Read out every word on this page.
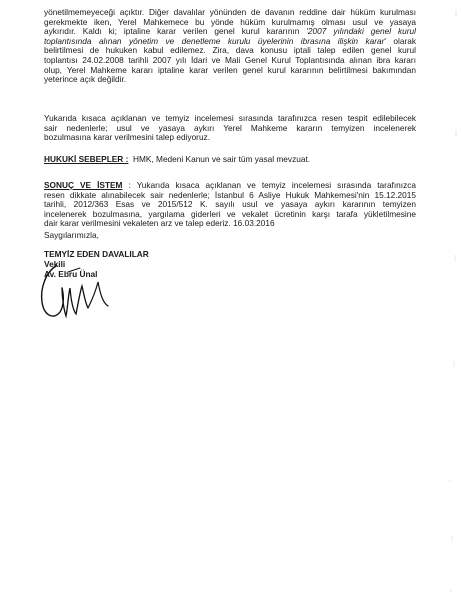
yönetilmemeyeceği açıktır. Diğer davalılar yönünden de davanın reddine dair hüküm kurulması
gerekmekte iken, Yerel Mahkemece bu yönde hüküm kurulmamış olması usul ve yasaya
aykırıdır. Kaldı ki; iptaline karar verilen genel kurul kararının '2007 yılındaki genel kurul
toplantısında alınan yönetim ve denetleme kurulu üyelerinin ibrasına ilişkin karar' olarak
belirtilmesi de hukuken kabul edilemez. Zira, dava konusu iptali talep edilen genel kurul
toplantısı 24.02.2008 tarihli 2007 yılı İdari ve Mali Genel Kurul Toplantısında alınan ibra kararı
olup, Yerel Mahkeme kararı iptaline karar verilen genel kurul kararının belirtilmesi bakımından
yeterince açık değildir.
Yukarıda kısaca açıklanan ve temyiz incelemesi sırasında tarafınızca resen tespit edilebilecek
sair nedenlerle; usul ve yasaya aykırı Yerel Mahkeme kararın temyizen incelenerek
bozulmasına karar verilmesini talep ediyoruz.
HUKUKİ SEBEPLER : HMK, Medeni Kanun ve sair tüm yasal mevzuat.
SONUÇ VE İSTEM : Yukarıda kısaca açıklanan ve temyiz incelemesi sırasında tarafınızca
resen dikkate alınabilecek sair nedenlerle; İstanbul 6 Asliye Hukuk Mahkemesi'nin 15.12.2015
tarihli, 2012/363 Esas ve 2015/512 K. sayılı usul ve yasaya aykırı kararının temyizen
incelenerek bozulmasına, yargılama giderleri ve vekalet ücretinin karşı tarafa yükletilmesine
dair karar verilmesini vekaleten arz ve talep ederiz. 16.03.2016
Saygılarımızla,
TEMYİZ EDEN DAVALILAR
Vekili
Av. Ebru Ünal
⋮
⋮
⋮
⋮
·
⋮
·
